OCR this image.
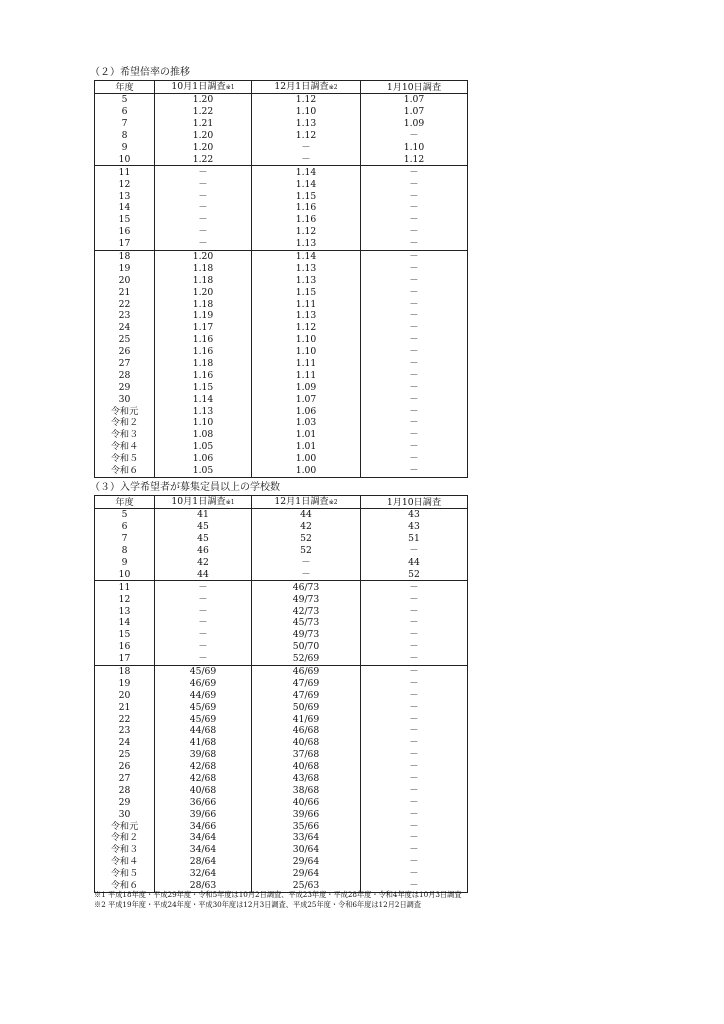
（２）希望倍率の推移
年度	10月1日調査※1	12月1日調査※2	1月10日調査
5	1.20	1.12	1.07
6	1.22	1.10	1.07
7	1.21	1.13	1.09
8	1.20	1.12	－
9	1.20	－	1.10
10	1.22	－	1.12
11	－	1.14	－
12	－	1.14	－
13	－	1.15	－
14	－	1.16	－
15	－	1.16	－
16	－	1.12	－
17	－	1.13	－
18	1.20	1.14	－
19	1.18	1.13	－
20	1.18	1.13	－
21	1.20	1.15	－
22	1.18	1.11	－
23	1.19	1.13	－
24	1.17	1.12	－
25	1.16	1.10	－
26	1.16	1.10	－
27	1.18	1.11	－
28	1.16	1.11	－
29	1.15	1.09	－
30	1.14	1.07	－
令和元	1.13	1.06	－
令和２	1.10	1.03	－
令和３	1.08	1.01	－
令和４	1.05	1.01	－
令和５	1.06	1.00	－
令和６	1.05	1.00	－
（３）入学希望者が募集定員以上の学校数
年度	10月1日調査※1	12月1日調査※2	1月10日調査
5	41	44	43
6	45	42	43
7	45	52	51
8	46	52	－
9	42	－	44
10	44	－	52
11	－	46/73	－
12	－	49/73	－
13	－	42/73	－
14	－	45/73	－
15	－	49/73	－
16	－	50/70	－
17	－	52/69	－
18	45/69	46/69	－
19	46/69	47/69	－
20	44/69	47/69	－
21	45/69	50/69	－
22	45/69	41/69	－
23	44/68	46/68	－
24	41/68	40/68	－
25	39/68	37/68	－
26	42/68	40/68	－
27	42/68	43/68	－
28	40/68	38/68	－
29	36/66	40/66	－
30	39/66	39/66	－
令和元	34/66	35/66	－
令和２	34/64	33/64	－
令和３	34/64	30/64	－
令和４	28/64	29/64	－
令和５	32/64	29/64	－
令和６	28/63	25/63	－
※1 平成18年度・平成29年度・令和5年度は10月2日調査、平成23年度・平成28年度・令和4年度は10月3日調査
※2 平成19年度・平成24年度・平成30年度は12月3日調査、平成25年度・令和6年度は12月2日調査
